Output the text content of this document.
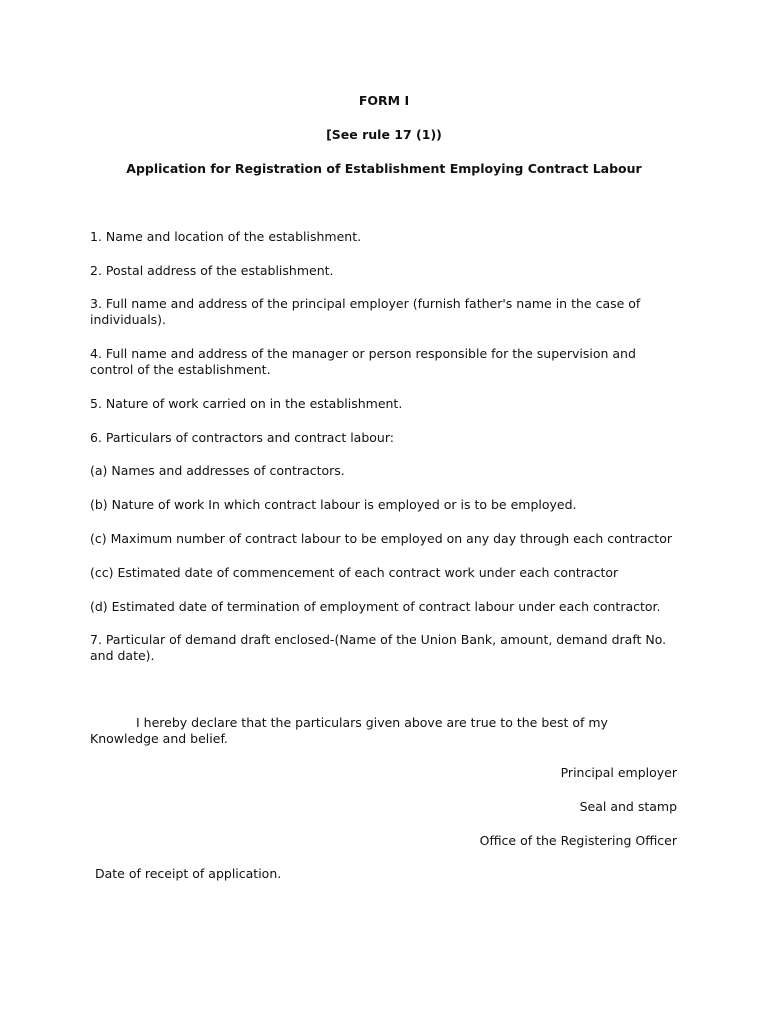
FORM I

[See rule 17 (1))

Application for Registration of Establishment Employing Contract Labour

1. Name and location of the establishment.

2. Postal address of the establishment.

3. Full name and address of the principal employer (furnish father's name in the case of

individuals).

4. Full name and address of the manager or person responsible for the supervision and

control of the establishment.

5. Nature of work carried on in the establishment.

6. Particulars of contractors and contract labour:

(a) Names and addresses of contractors.

(b) Nature of work In which contract labour is employed or is to be employed.

(c) Maximum number of contract labour to be employed on any day through each contractor

(cc) Estimated date of commencement of each contract work under each contractor

(d) Estimated date of termination of employment of contract labour under each contractor.

7. Particular of demand draft enclosed-(Name of the Union Bank, amount, demand draft No.

and date).

I hereby declare that the particulars given above are true to the best of my

Knowledge and belief.

Principal employer

Seal and stamp

Office of the Registering Officer

Date of receipt of application.
